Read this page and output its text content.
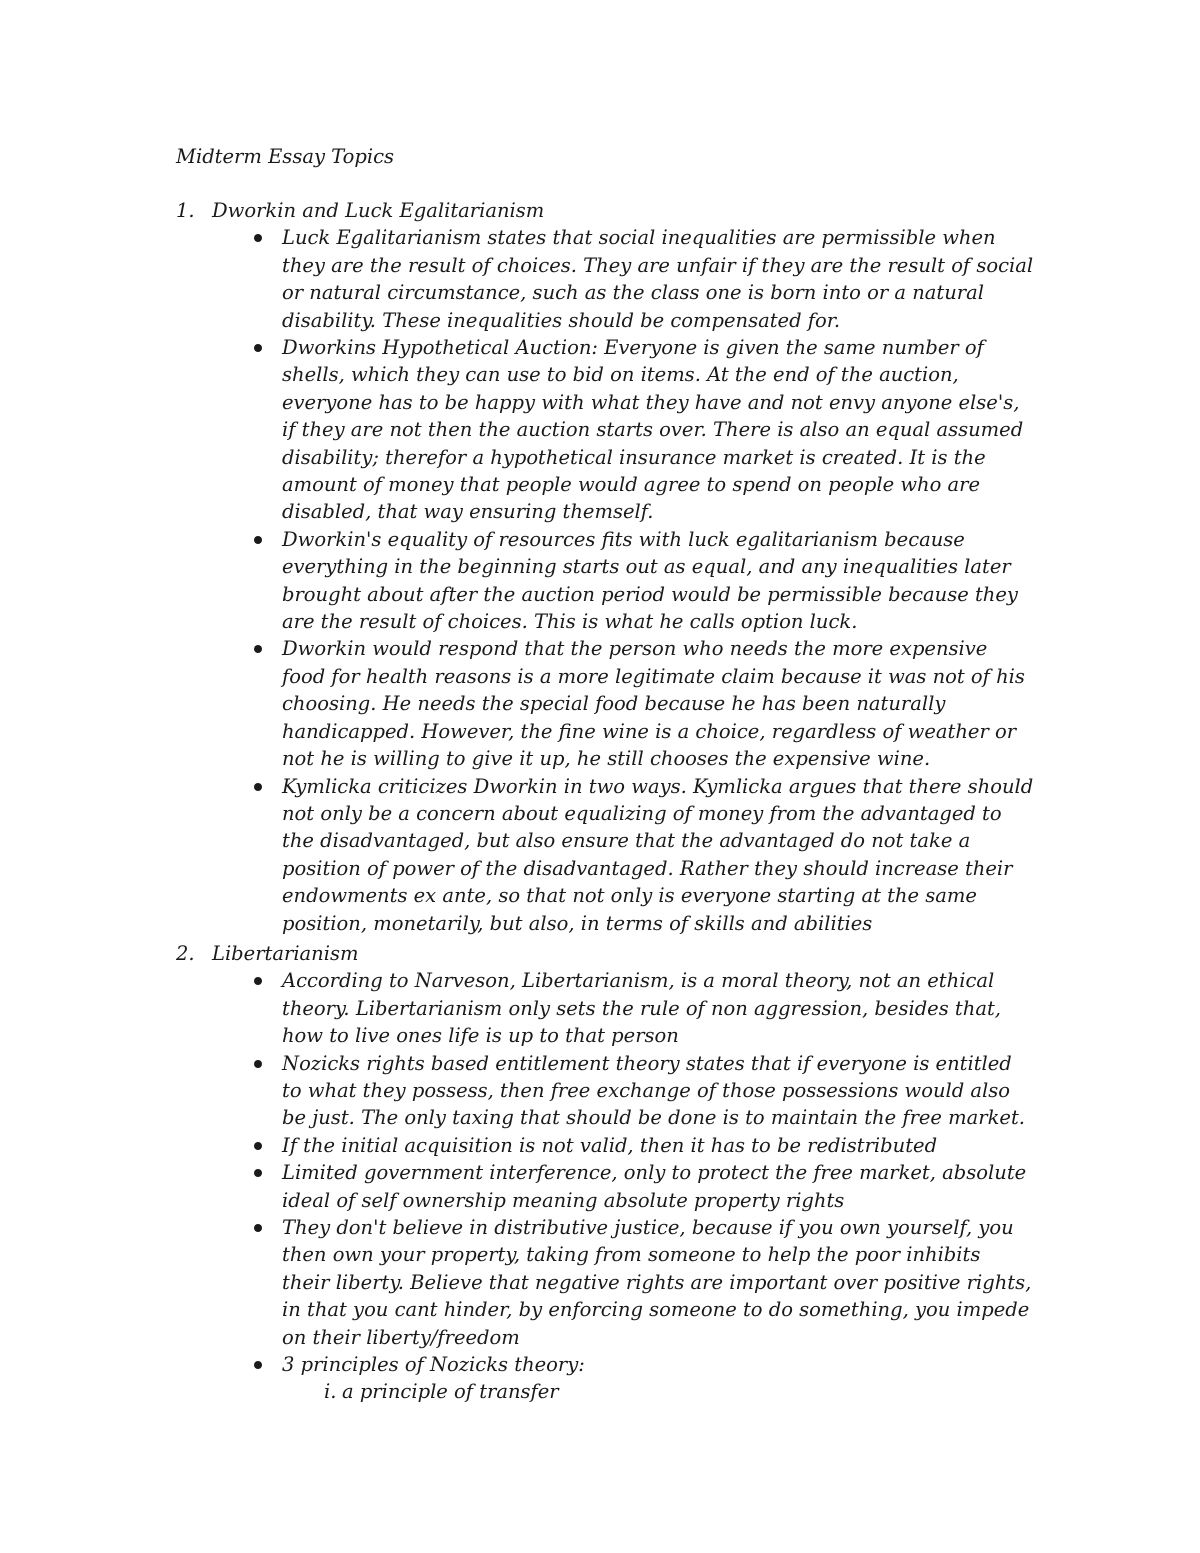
Midterm Essay Topics
1. Dworkin and Luck Egalitarianism
Luck Egalitarianism states that social inequalities are permissible when they are the result of choices. They are unfair if they are the result of social or natural circumstance, such as the class one is born into or a natural disability. These inequalities should be compensated for.
Dworkins Hypothetical Auction: Everyone is given the same number of shells, which they can use to bid on items. At the end of the auction, everyone has to be happy with what they have and not envy anyone else's, if they are not then the auction starts over. There is also an equal assumed disability; therefor a hypothetical insurance market is created. It is the amount of money that people would agree to spend on people who are disabled, that way ensuring themself.
Dworkin's equality of resources fits with luck egalitarianism because everything in the beginning starts out as equal, and any inequalities later brought about after the auction period would be permissible because they are the result of choices. This is what he calls option luck.
Dworkin would respond that the person who needs the more expensive food for health reasons is a more legitimate claim because it was not of his choosing. He needs the special food because he has been naturally handicapped. However, the fine wine is a choice, regardless of weather or not he is willing to give it up, he still chooses the expensive wine.
Kymlicka criticizes Dworkin in two ways. Kymlicka argues that there should not only be a concern about equalizing of money from the advantaged to the disadvantaged, but also ensure that the advantaged do not take a position of power of the disadvantaged. Rather they should increase their endowments ex ante, so that not only is everyone starting at the same position, monetarily, but also, in terms of skills and abilities
2. Libertarianism
According to Narveson, Libertarianism, is a moral theory, not an ethical theory. Libertarianism only sets the rule of non aggression, besides that, how to live ones life is up to that person
Nozicks rights based entitlement theory states that if everyone is entitled to what they possess, then free exchange of those possessions would also be just. The only taxing that should be done is to maintain the free market.
If the initial acquisition is not valid, then it has to be redistributed
Limited government interference, only to protect the free market, absolute ideal of self ownership meaning absolute property rights
They don't believe in distributive justice, because if you own yourself, you then own your property, taking from someone to help the poor inhibits their liberty. Believe that negative rights are important over positive rights, in that you cant hinder, by enforcing someone to do something, you impede on their liberty/freedom
3 principles of Nozicks theory:
i. a principle of transfer
